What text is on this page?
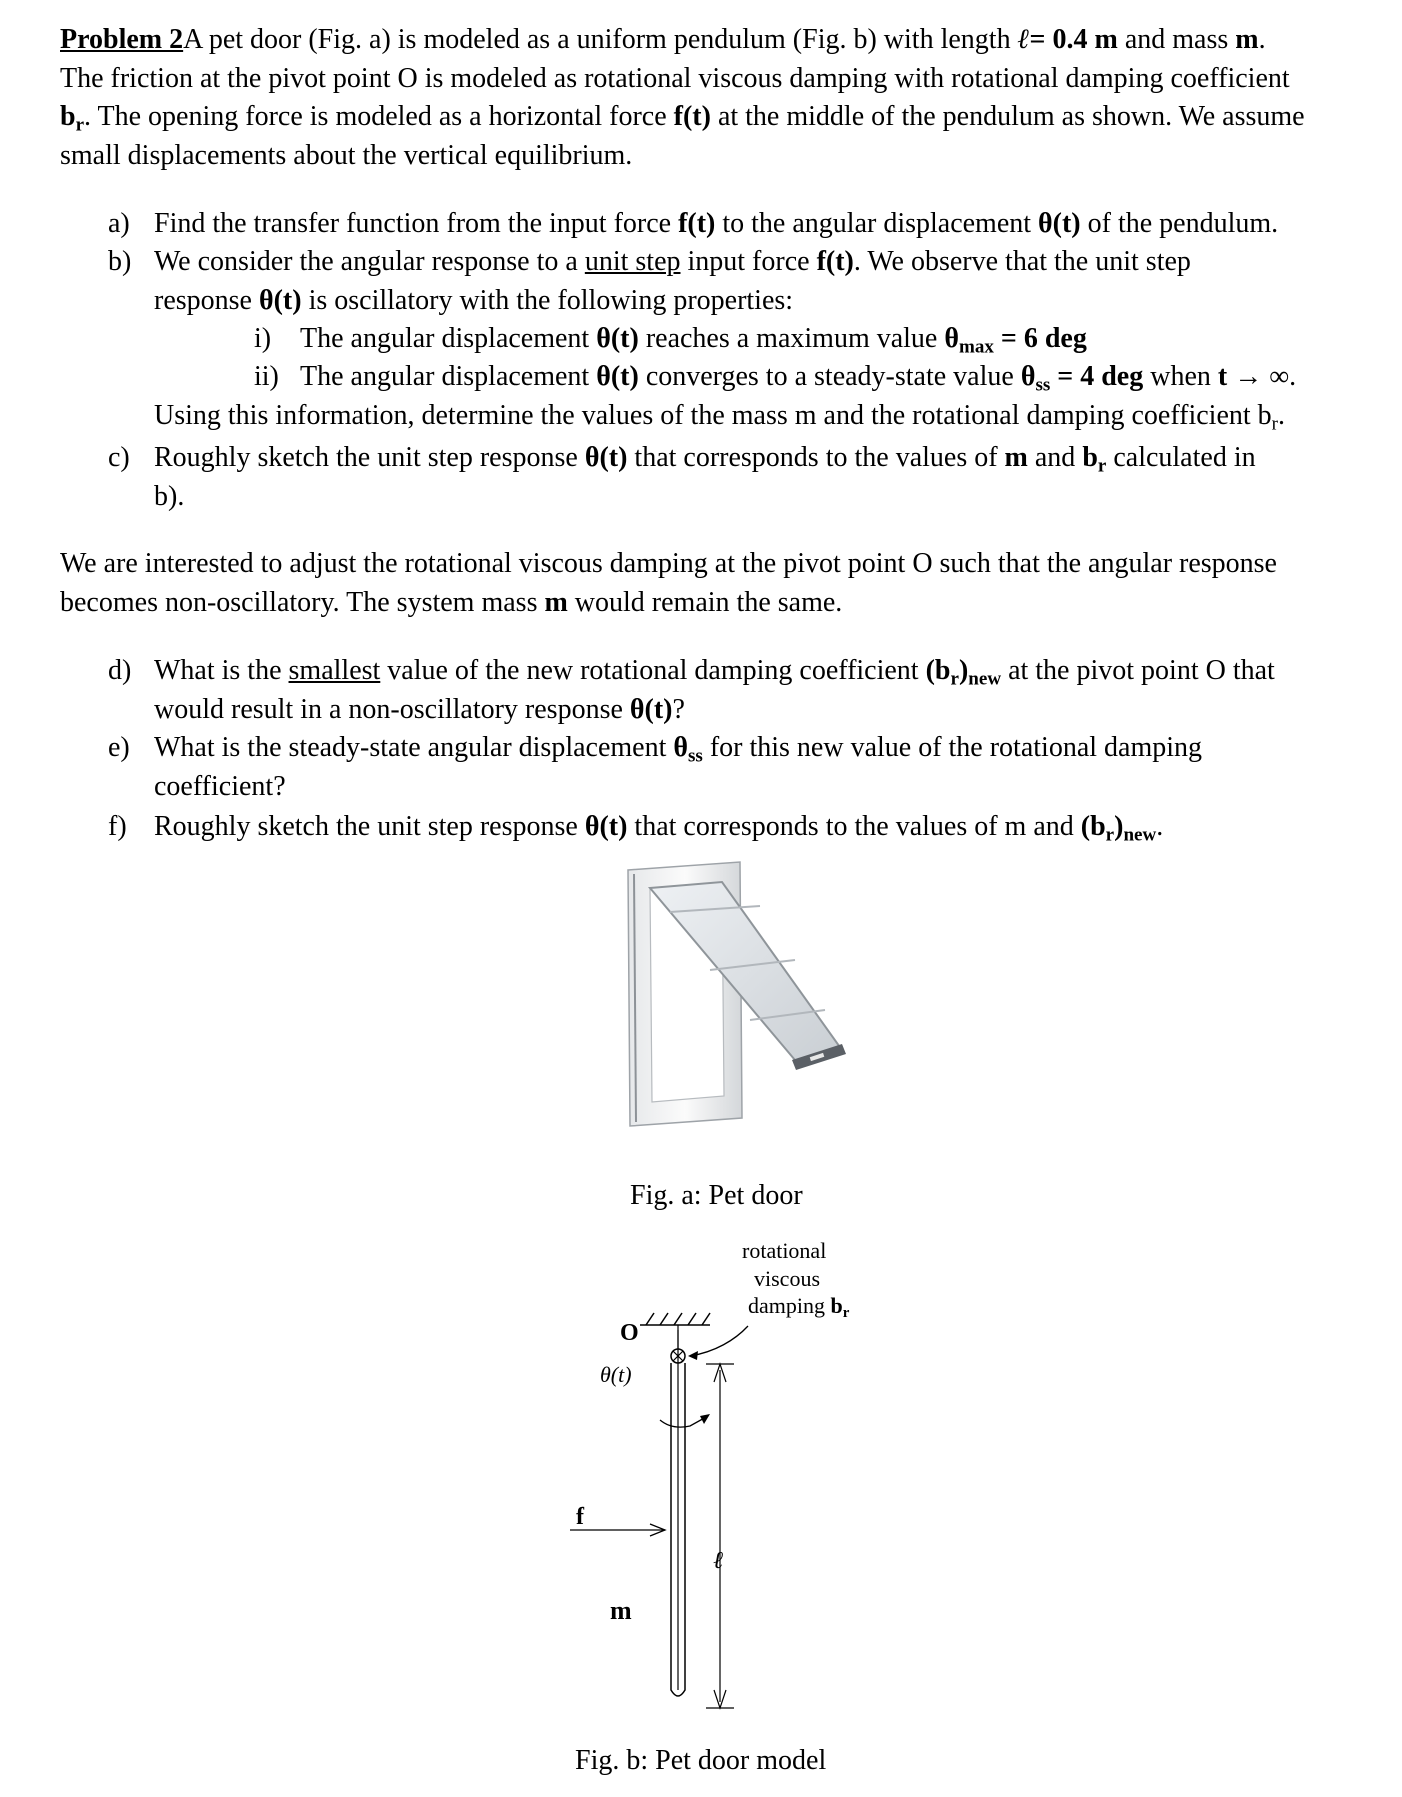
Problem 2A pet door (Fig. a) is modeled as a uniform pendulum (Fig. b) with length ℓ= 0.4 m and mass m.
The friction at the pivot point O is modeled as rotational viscous damping with rotational damping coefficient
$b_r$. The opening force is modeled as a horizontal force f(t) at the middle of the pendulum as shown. We assume
small displacements about the vertical equilibrium.
a) Find the transfer function from the input force f(t) to the angular displacement θ(t) of the pendulum.
b) We consider the angular response to a unit step input force f(t). We observe that the unit step
response θ(t) is oscillatory with the following properties:
i) The angular displacement θ(t) reaches a maximum value $\theta_{max} = 6$ deg
ii) The angular displacement θ(t) converges to a steady-state value $\theta_{ss} = 4$ deg when t → ∞.
Using this information, determine the values of the mass m and the rotational damping coefficient $b_r$.
c) Roughly sketch the unit step response θ(t) that corresponds to the values of m and $b_r$ calculated in
b).
We are interested to adjust the rotational viscous damping at the pivot point O such that the angular response
becomes non-oscillatory. The system mass m would remain the same.
d) What is the smallest value of the new rotational damping coefficient $(b_r)_{new}$ at the pivot point O that
would result in a non-oscillatory response θ(t)?
e) What is the steady-state angular displacement $\theta_{ss}$ for this new value of the rotational damping
coefficient?
f) Roughly sketch the unit step response θ(t) that corresponds to the values of m and $(b_r)_{new}$.
Fig. a: Pet door
rotational
viscous
damping $b_r$
O
θ(t)
f
ℓ
m
Fig. b: Pet door model
